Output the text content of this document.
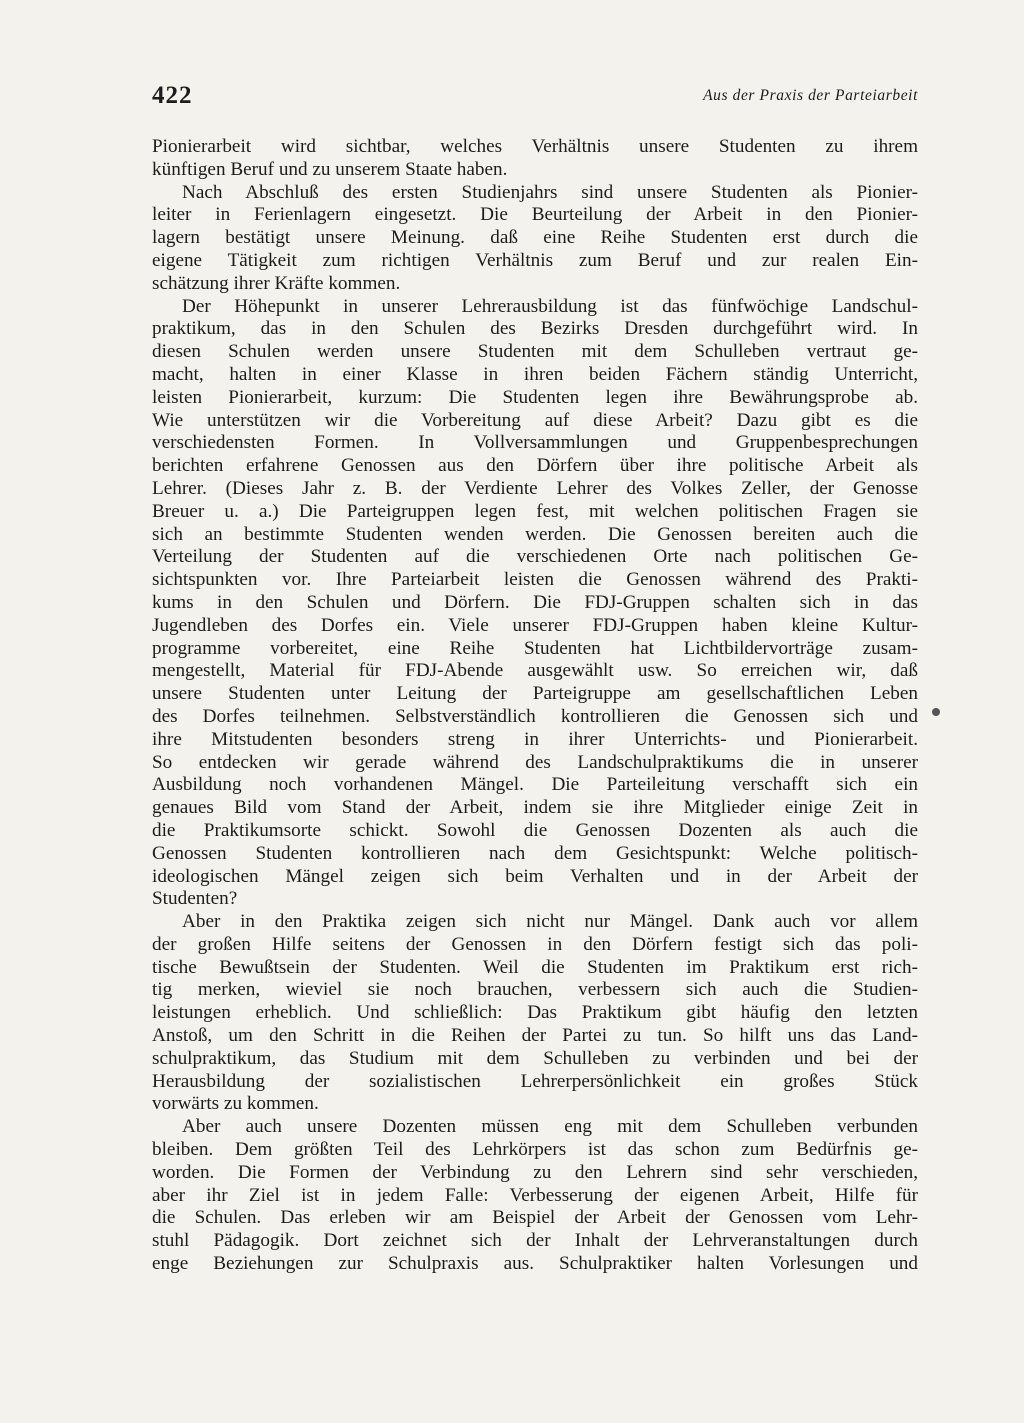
422	Aus der Praxis der Parteiarbeit
Pionierarbeit wird sichtbar, welches Verhältnis unsere Studenten zu ihrem
künftigen Beruf und zu unserem Staate haben.
Nach Abschluß des ersten Studienjahrs sind unsere Studenten als Pionier-
leiter in Ferienlagern eingesetzt. Die Beurteilung der Arbeit in den Pionier-
lagern bestätigt unsere Meinung. daß eine Reihe Studenten erst durch die
eigene Tätigkeit zum richtigen Verhältnis zum Beruf und zur realen Ein-
schätzung ihrer Kräfte kommen.
Der Höhepunkt in unserer Lehrerausbildung ist das fünfwöchige Landschul-
praktikum, das in den Schulen des Bezirks Dresden durchgeführt wird. In
diesen Schulen werden unsere Studenten mit dem Schulleben vertraut ge-
macht, halten in einer Klasse in ihren beiden Fächern ständig Unterricht,
leisten Pionierarbeit, kurzum: Die Studenten legen ihre Bewährungsprobe ab.
Wie unterstützen wir die Vorbereitung auf diese Arbeit? Dazu gibt es die
verschiedensten Formen. In Vollversammlungen und Gruppenbesprechungen
berichten erfahrene Genossen aus den Dörfern über ihre politische Arbeit als
Lehrer. (Dieses Jahr z. B. der Verdiente Lehrer des Volkes Zeller, der Genosse
Breuer u. a.) Die Parteigruppen legen fest, mit welchen politischen Fragen sie
sich an bestimmte Studenten wenden werden. Die Genossen bereiten auch die
Verteilung der Studenten auf die verschiedenen Orte nach politischen Ge-
sichtspunkten vor. Ihre Parteiarbeit leisten die Genossen während des Prakti-
kums in den Schulen und Dörfern. Die FDJ-Gruppen schalten sich in das
Jugendleben des Dorfes ein. Viele unserer FDJ-Gruppen haben kleine Kultur-
programme vorbereitet, eine Reihe Studenten hat Lichtbildervorträge zusam-
mengestellt, Material für FDJ-Abende ausgewählt usw. So erreichen wir, daß
unsere Studenten unter Leitung der Parteigruppe am gesellschaftlichen Leben
des Dorfes teilnehmen. Selbstverständlich kontrollieren die Genossen sich und
ihre Mitstudenten besonders streng in ihrer Unterrichts- und Pionierarbeit.
So entdecken wir gerade während des Landschulpraktikums die in unserer
Ausbildung noch vorhandenen Mängel. Die Parteileitung verschafft sich ein
genaues Bild vom Stand der Arbeit, indem sie ihre Mitglieder einige Zeit in
die Praktikumsorte schickt. Sowohl die Genossen Dozenten als auch die
Genossen Studenten kontrollieren nach dem Gesichtspunkt: Welche politisch-
ideologischen Mängel zeigen sich beim Verhalten und in der Arbeit der
Studenten?
Aber in den Praktika zeigen sich nicht nur Mängel. Dank auch vor allem
der großen Hilfe seitens der Genossen in den Dörfern festigt sich das poli-
tische Bewußtsein der Studenten. Weil die Studenten im Praktikum erst rich-
tig merken, wieviel sie noch brauchen, verbessern sich auch die Studien-
leistungen erheblich. Und schließlich: Das Praktikum gibt häufig den letzten
Anstoß, um den Schritt in die Reihen der Partei zu tun. So hilft uns das Land-
schulpraktikum, das Studium mit dem Schulleben zu verbinden und bei der
Herausbildung der sozialistischen Lehrerpersönlichkeit ein großes Stück
vorwärts zu kommen.
Aber auch unsere Dozenten müssen eng mit dem Schulleben verbunden
bleiben. Dem größten Teil des Lehrkörpers ist das schon zum Bedürfnis ge-
worden. Die Formen der Verbindung zu den Lehrern sind sehr verschieden,
aber ihr Ziel ist in jedem Falle: Verbesserung der eigenen Arbeit, Hilfe für
die Schulen. Das erleben wir am Beispiel der Arbeit der Genossen vom Lehr-
stuhl Pädagogik. Dort zeichnet sich der Inhalt der Lehrveranstaltungen durch
enge Beziehungen zur Schulpraxis aus. Schulpraktiker halten Vorlesungen und
